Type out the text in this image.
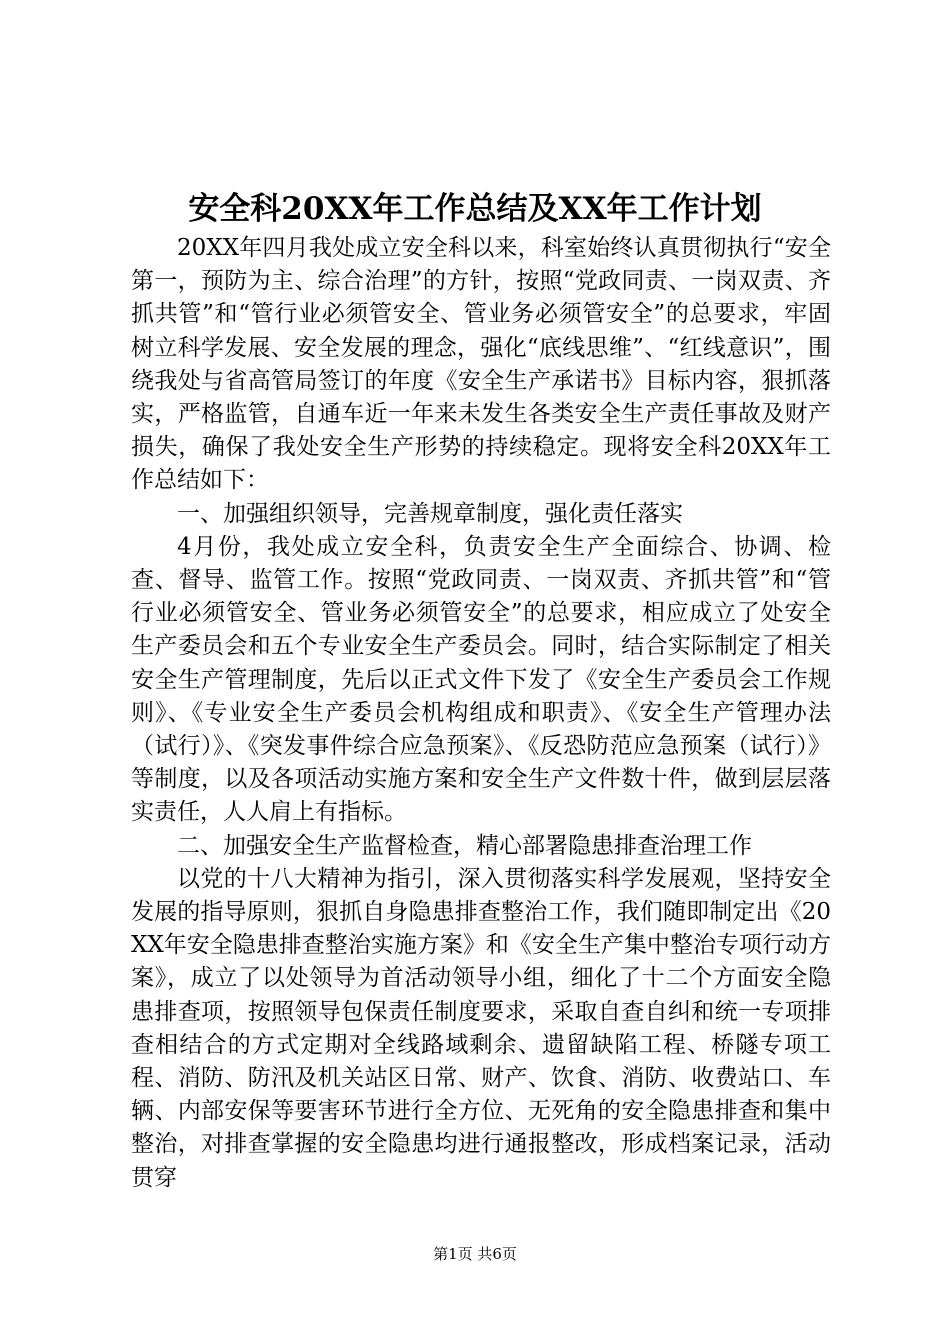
安全科20XX年工作总结及XX年工作计划

20XX年四月我处成立安全科以来，科室始终认真贯彻执行“安全第一，预防为主、综合治理”的方针，按照“党政同责、一岗双责、齐抓共管”和“管行业必须管安全、管业务必须管安全”的总要求，牢固树立科学发展、安全发展的理念，强化“底线思维”、“红线意识”，围绕我处与省高管局签订的年度《安全生产承诺书》目标内容，狠抓落实，严格监管，自通车近一年来未发生各类安全生产责任事故及财产损失，确保了我处安全生产形势的持续稳定。现将安全科20XX年工作总结如下：

一、加强组织领导，完善规章制度，强化责任落实

4月份，我处成立安全科，负责安全生产全面综合、协调、检查、督导、监管工作。按照“党政同责、一岗双责、齐抓共管”和“管行业必须管安全、管业务必须管安全”的总要求，相应成立了处安全生产委员会和五个专业安全生产委员会。同时，结合实际制定了相关安全生产管理制度，先后以正式文件下发了《安全生产委员会工作规则》、《专业安全生产委员会机构组成和职责》、《安全生产管理办法（试行）》、《突发事件综合应急预案》、《反恐防范应急预案（试行）》等制度，以及各项活动实施方案和安全生产文件数十件，做到层层落实责任，人人肩上有指标。

二、加强安全生产监督检查，精心部署隐患排查治理工作

以党的十八大精神为指引，深入贯彻落实科学发展观，坚持安全发展的指导原则，狠抓自身隐患排查整治工作，我们随即制定出《20XX年安全隐患排查整治实施方案》和《安全生产集中整治专项行动方案》，成立了以处领导为首活动领导小组，细化了十二个方面安全隐患排查项，按照领导包保责任制度要求，采取自查自纠和统一专项排查相结合的方式定期对全线路域剩余、遗留缺陷工程、桥隧专项工程、消防、防汛及机关站区日常、财产、饮食、消防、收费站口、车辆、内部安保等要害环节进行全方位、无死角的安全隐患排查和集中整治，对排查掌握的安全隐患均进行通报整改，形成档案记录，活动贯穿

第1页 共6页
